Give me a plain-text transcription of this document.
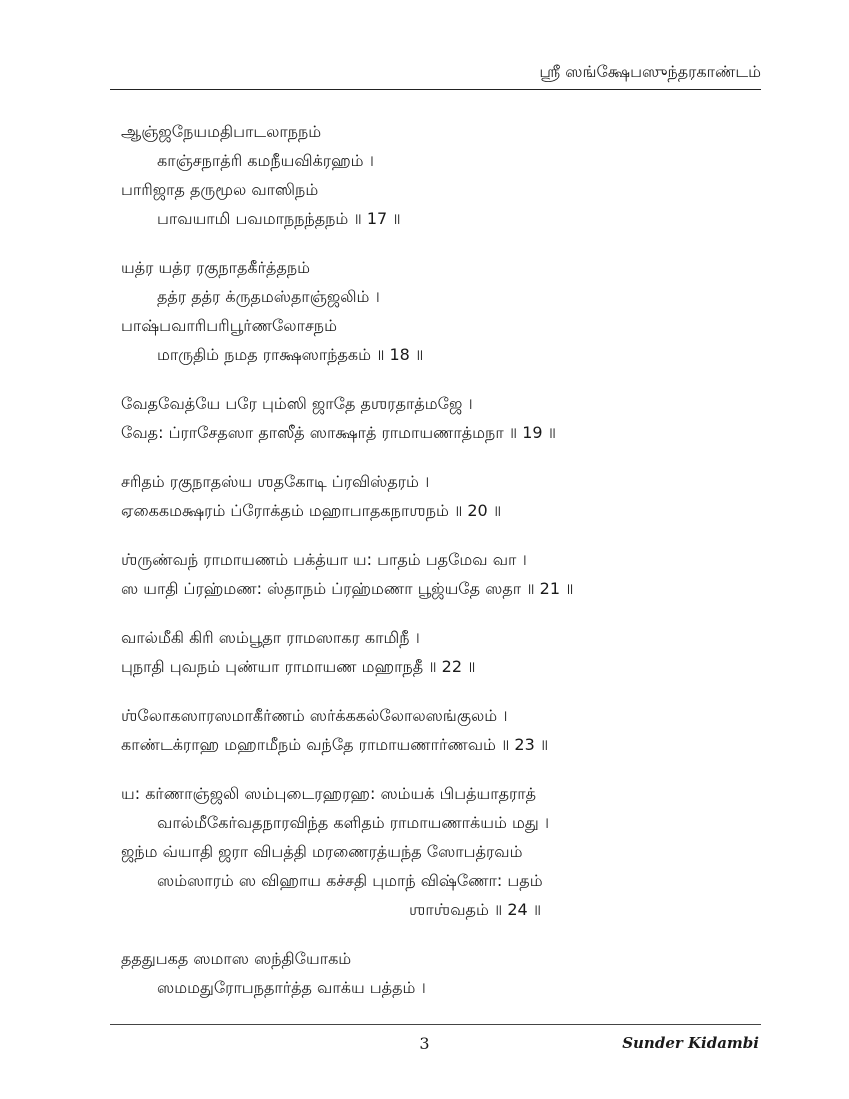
ஸ்ரீ ஸங்க்ஷேபஸுந்தரகாண்டம்
ஆஞ்ஜநேயமதிபாடலாநநம்
காஞ்சநாத்ரி கமநீயவிக்ரஹம் ।
பாரிஜாத தருமூல வாஸிநம்
பாவயாமி பவமாநநந்தநம் ॥ 17 ॥
யத்ர யத்ர ரகுநாதகீர்த்தநம்
தத்ர தத்ர க்ருதமஸ்தாஞ்ஜலிம் ।
பாஷ்பவாரிபரிபூர்ணலோசநம்
மாருதிம் நமத ராக்ஷஸாந்தகம் ॥ 18 ॥
வேதவேத்யே பரே பும்ஸி ஜாதே தஶரதாத்மஜே ।
வேத: ப்ராசேதஸா தாஸீத் ஸாக்ஷாத் ராமாயணாத்மநா ॥ 19 ॥
சரிதம் ரகுநாதஸ்ய ஶதகோடி ப்ரவிஸ்தரம் ।
ஏகைகமக்ஷரம் ப்ரோக்தம் மஹாபாதகநாஶநம் ॥ 20 ॥
ஶ்ருண்வந் ராமாயணம் பக்த்யா ய: பாதம் பதமேவ வா ।
ஸ யாதி ப்ரஹ்மண: ஸ்தாநம் ப்ரஹ்மணா பூஜ்யதே ஸதா ॥ 21 ॥
வால்மீகி கிரி ஸம்பூதா ராமஸாகர காமிநீ ।
புநாதி புவநம் புண்யா ராமாயண மஹாநதீ ॥ 22 ॥
ஶ்லோகஸாரஸமாகீர்ணம் ஸர்க்ககல்லோலஸங்குலம் ।
காண்டக்ராஹ மஹாமீநம் வந்தே ராமாயணார்ணவம் ॥ 23 ॥
ய: கர்ணாஞ்ஜலி ஸம்புடைரஹரஹ: ஸம்யக் பிபத்யாதராத்
வால்மீகேர்வதநாரவிந்த களிதம் ராமாயணாக்யம் மது ।
ஜந்ம வ்யாதி ஜரா விபத்தி மரணைரத்யந்த ஸோபத்ரவம்
ஸம்ஸாரம் ஸ விஹாய கச்சதி புமாந் விஷ்ணோ: பதம்
ஶாஶ்வதம் ॥ 24 ॥
தததுபகத ஸமாஸ ஸந்தியோகம்
ஸமமதுரோபநதார்த்த வாக்ய பத்தம் ।
3	Sunder Kidambi
